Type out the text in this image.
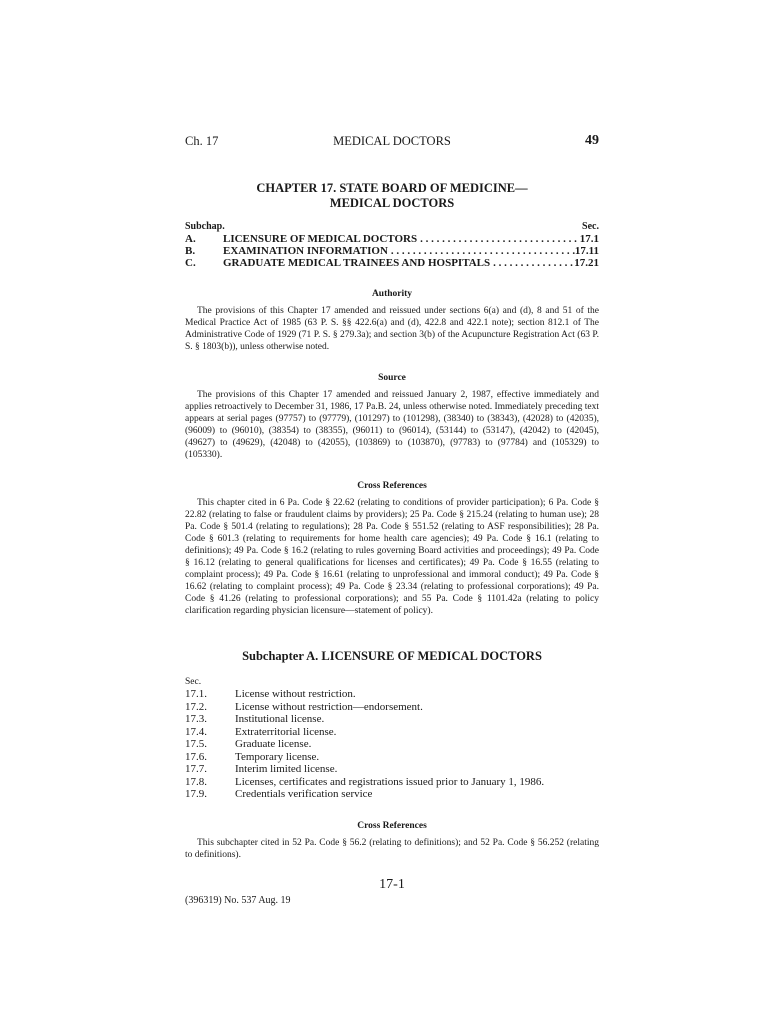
Ch. 17	MEDICAL DOCTORS	49
CHAPTER 17. STATE BOARD OF MEDICINE—
MEDICAL DOCTORS
Subchap.	Sec.
A.	LICENSURE OF MEDICAL DOCTORS . . .	17.1
B.	EXAMINATION INFORMATION . . .	17.11
C.	GRADUATE MEDICAL TRAINEES AND HOSPITALS . . .	17.21
Authority
The provisions of this Chapter 17 amended and reissued under sections 6(a) and (d), 8 and 51 of the Medical Practice Act of 1985 (63 P. S. §§ 422.6(a) and (d), 422.8 and 422.1 note); section 812.1 of The Administrative Code of 1929 (71 P. S. § 279.3a); and section 3(b) of the Acupuncture Registration Act (63 P. S. § 1803(b)), unless otherwise noted.
Source
The provisions of this Chapter 17 amended and reissued January 2, 1987, effective immediately and applies retroactively to December 31, 1986, 17 Pa.B. 24, unless otherwise noted. Immediately preceding text appears at serial pages (97757) to (97779), (101297) to (101298), (38340) to (38343), (42028) to (42035), (96009) to (96010), (38354) to (38355), (96011) to (96014), (53144) to (53147), (42042) to (42045), (49627) to (49629), (42048) to (42055), (103869) to (103870), (97783) to (97784) and (105329) to (105330).
Cross References
This chapter cited in 6 Pa. Code § 22.62 (relating to conditions of provider participation); 6 Pa. Code § 22.82 (relating to false or fraudulent claims by providers); 25 Pa. Code § 215.24 (relating to human use); 28 Pa. Code § 501.4 (relating to regulations); 28 Pa. Code § 551.52 (relating to ASF responsibilities); 28 Pa. Code § 601.3 (relating to requirements for home health care agencies); 49 Pa. Code § 16.1 (relating to definitions); 49 Pa. Code § 16.2 (relating to rules governing Board activities and proceedings); 49 Pa. Code § 16.12 (relating to general qualifications for licenses and certificates); 49 Pa. Code § 16.55 (relating to complaint process); 49 Pa. Code § 16.61 (relating to unprofessional and immoral conduct); 49 Pa. Code § 16.62 (relating to complaint process); 49 Pa. Code § 23.34 (relating to professional corporations); 49 Pa. Code § 41.26 (relating to professional corporations); and 55 Pa. Code § 1101.42a (relating to policy clarification regarding physician licensure—statement of policy).
Subchapter A. LICENSURE OF MEDICAL DOCTORS
Sec.
17.1.	License without restriction.
17.2.	License without restriction—endorsement.
17.3.	Institutional license.
17.4.	Extraterritorial license.
17.5.	Graduate license.
17.6.	Temporary license.
17.7.	Interim limited license.
17.8.	Licenses, certificates and registrations issued prior to January 1, 1986.
17.9.	Credentials verification service
Cross References
This subchapter cited in 52 Pa. Code § 56.2 (relating to definitions); and 52 Pa. Code § 56.252 (relating to definitions).
17-1
(396319) No. 537 Aug. 19
